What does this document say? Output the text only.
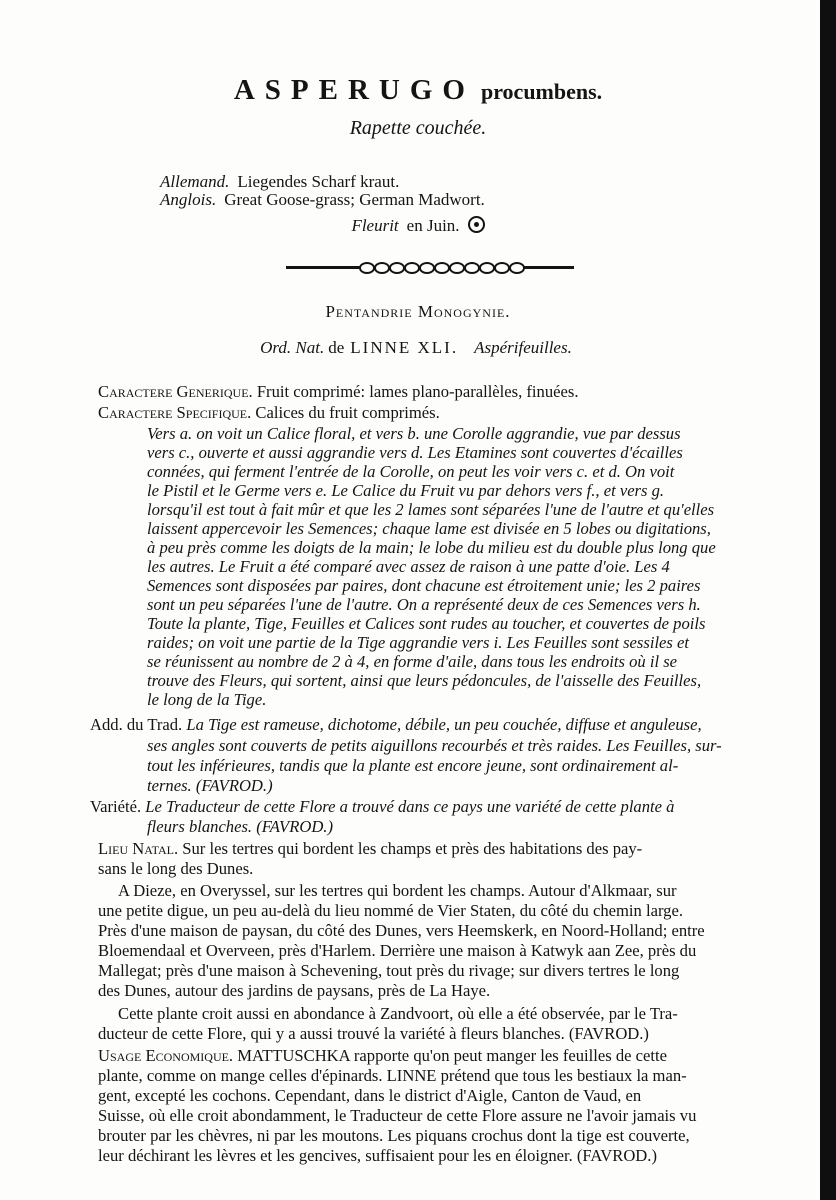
ASPERUGO procumbens.
Rapette couchée.
Allemand. Liegendes Scharf kraut.
Anglois. Great Goose-grass; German Madwort.
Fleurit en Juin.
Pentandrie Monogynie.
Ord. Nat. de LINNE XLI. Aspérifeuilles.
Caractere Generique. Fruit comprimé: lames plano-parallèles, finuées.
Caractere Specifique. Calices du fruit comprimés.
Vers a. on voit un Calice floral, et vers b. une Corolle aggrandie, vue par dessus
vers c., ouverte et aussi aggrandie vers d. Les Etamines sont couvertes d'écailles
connées, qui ferment l'entrée de la Corolle, on peut les voir vers c. et d. On voit
le Pistil et le Germe vers e. Le Calice du Fruit vu par dehors vers f., et vers g.
lorsqu'il est tout à fait mûr et que les 2 lames sont séparées l'une de l'autre et qu'elles
laissent appercevoir les Semences; chaque lame est divisée en 5 lobes ou digitations,
à peu près comme les doigts de la main; le lobe du milieu est du double plus long que
les autres. Le Fruit a été comparé avec assez de raison à une patte d'oie. Les 4
Semences sont disposées par paires, dont chacune est étroitement unie; les 2 paires
sont un peu séparées l'une de l'autre. On a représenté deux de ces Semences vers h.
Toute la plante, Tige, Feuilles et Calices sont rudes au toucher, et couvertes de poils
raides; on voit une partie de la Tige aggrandie vers i. Les Feuilles sont sessiles et
se réunissent au nombre de 2 à 4, en forme d'aile, dans tous les endroits où il se
trouve des Fleurs, qui sortent, ainsi que leurs pédoncules, de l'aisselle des Feuilles,
le long de la Tige.
Add. du Trad. La Tige est rameuse, dichotome, débile, un peu couchée, diffuse et anguleuse,
ses angles sont couverts de petits aiguillons recourbés et très raides. Les Feuilles, sur-
tout les inférieures, tandis que la plante est encore jeune, sont ordinairement al-
ternes. (FAVROD.)
Variété. Le Traducteur de cette Flore a trouvé dans ce pays une variété de cette plante à
fleurs blanches. (FAVROD.)
Lieu Natal. Sur les tertres qui bordent les champs et près des habitations des pay-
sans le long des Dunes.
A Dieze, en Overyssel, sur les tertres qui bordent les champs. Autour d'Alkmaar, sur
une petite digue, un peu au-delà du lieu nommé de Vier Staten, du côté du chemin large.
Près d'une maison de paysan, du côté des Dunes, vers Heemskerk, en Noord-Holland; entre
Bloemendaal et Overveen, près d'Harlem. Derrière une maison à Katwyk aan Zee, près du
Mallegat; près d'une maison à Schevening, tout près du rivage; sur divers tertres le long
des Dunes, autour des jardins de paysans, près de La Haye.
Cette plante croit aussi en abondance à Zandvoort, où elle a été observée, par le Tra-
ducteur de cette Flore, qui y a aussi trouvé la variété à fleurs blanches. (FAVROD.)
Usage Economique. MATTUSCHKA rapporte qu'on peut manger les feuilles de cette
plante, comme on mange celles d'épinards. LINNE prétend que tous les bestiaux la man-
gent, excepté les cochons. Cependant, dans le district d'Aigle, Canton de Vaud, en
Suisse, où elle croit abondamment, le Traducteur de cette Flore assure ne l'avoir jamais vu
brouter par les chèvres, ni par les moutons. Les piquans crochus dont la tige est couverte,
leur déchirant les lèvres et les gencives, suffisaient pour les en éloigner. (FAVROD.)
